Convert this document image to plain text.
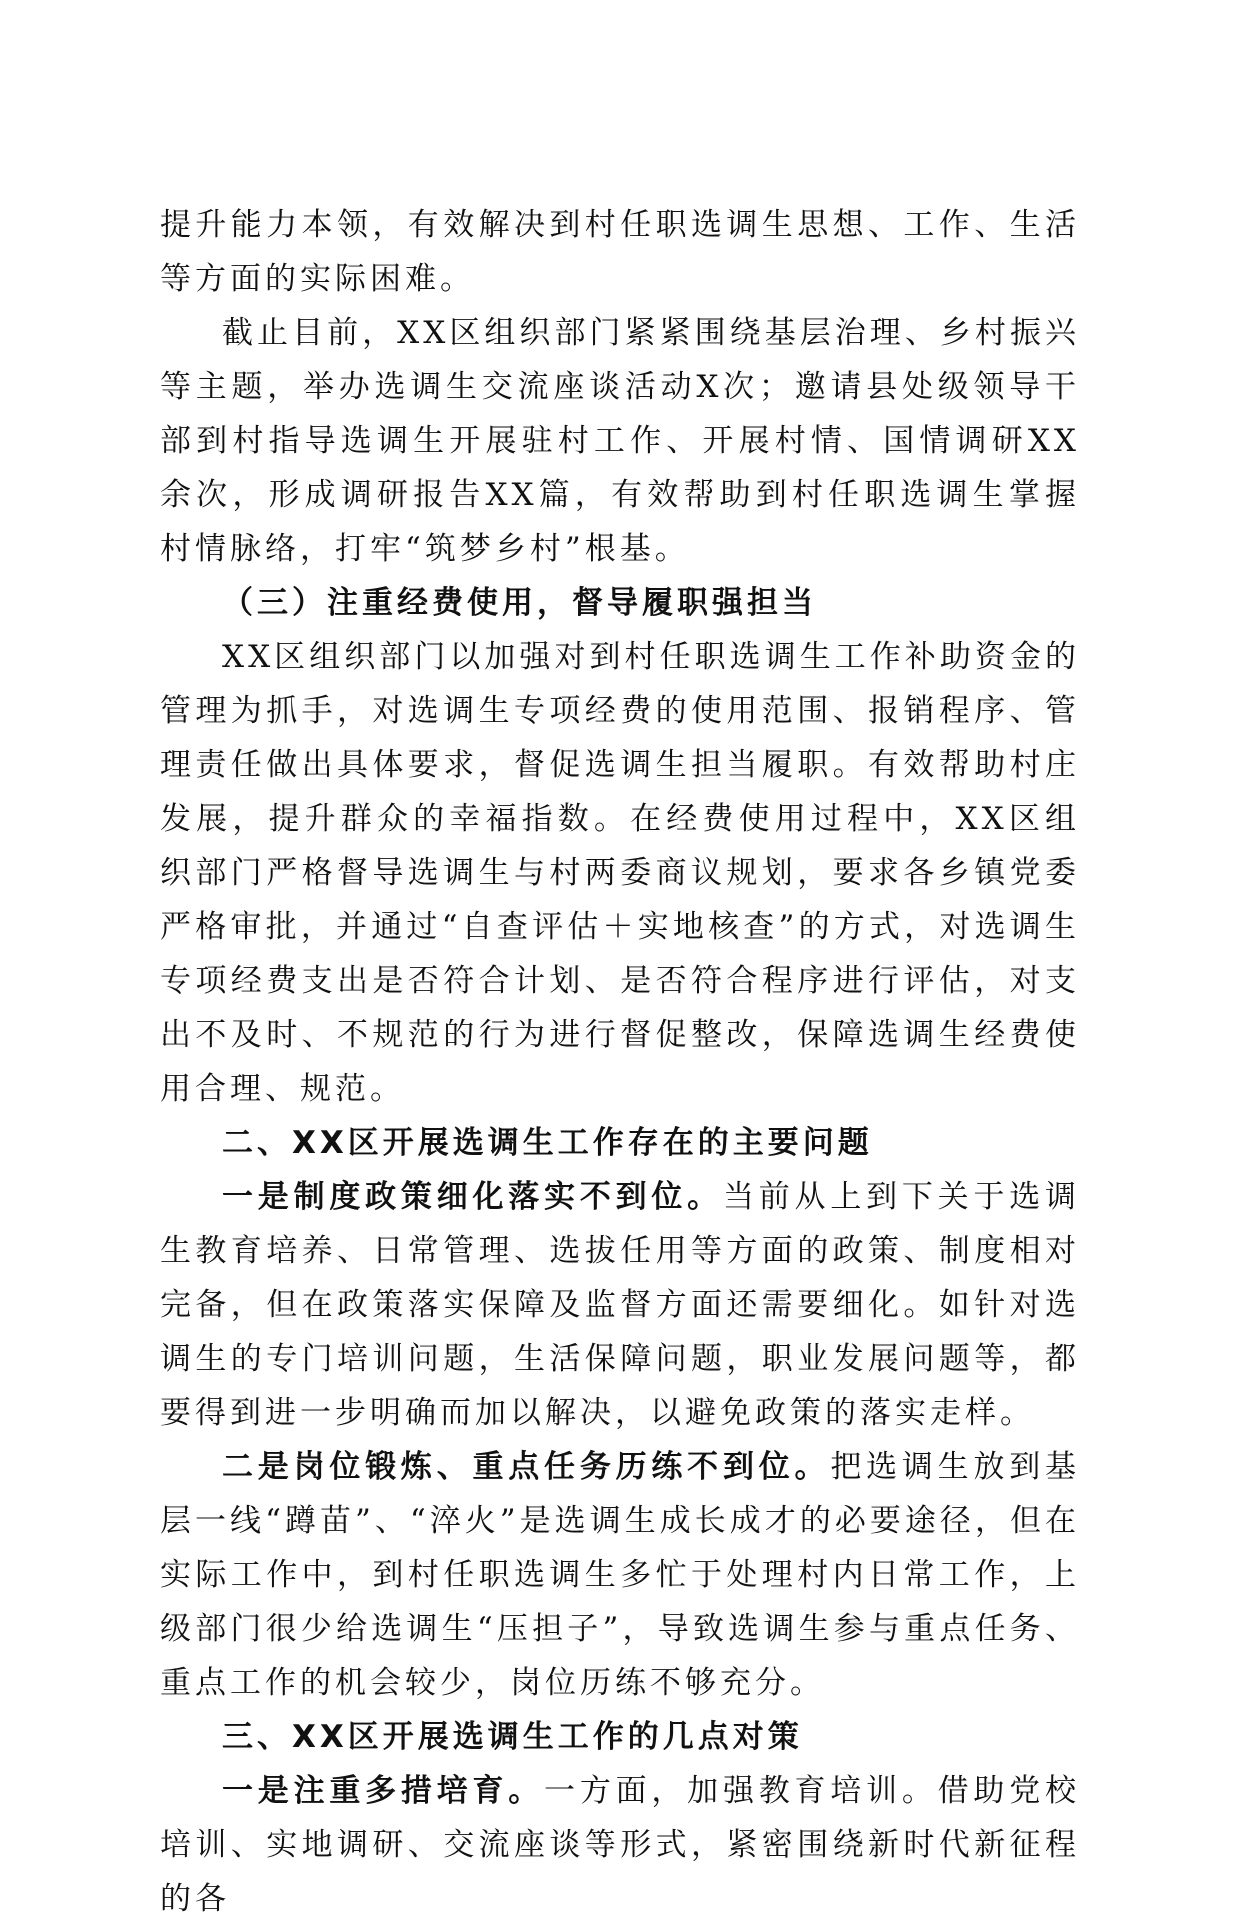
提升能力本领，有效解决到村任职选调生思想、工作、生活等方面的实际困难。

截止目前，XX区组织部门紧紧围绕基层治理、乡村振兴等主题，举办选调生交流座谈活动X次；邀请县处级领导干部到村指导选调生开展驻村工作、开展村情、国情调研XX余次，形成调研报告XX篇，有效帮助到村任职选调生掌握村情脉络，打牢“筑梦乡村”根基。

（三）注重经费使用，督导履职强担当

XX区组织部门以加强对到村任职选调生工作补助资金的管理为抓手，对选调生专项经费的使用范围、报销程序、管理责任做出具体要求，督促选调生担当履职。有效帮助村庄发展，提升群众的幸福指数。在经费使用过程中，XX区组织部门严格督导选调生与村两委商议规划，要求各乡镇党委严格审批，并通过“自查评估＋实地核查”的方式，对选调生专项经费支出是否符合计划、是否符合程序进行评估，对支出不及时、不规范的行为进行督促整改，保障选调生经费使用合理、规范。

二、XX区开展选调生工作存在的主要问题

一是制度政策细化落实不到位。当前从上到下关于选调生教育培养、日常管理、选拔任用等方面的政策、制度相对完备，但在政策落实保障及监督方面还需要细化。如针对选调生的专门培训问题，生活保障问题，职业发展问题等，都要得到进一步明确而加以解决，以避免政策的落实走样。

二是岗位锻炼、重点任务历练不到位。把选调生放到基层一线“蹲苗”、“淬火”是选调生成长成才的必要途径，但在实际工作中，到村任职选调生多忙于处理村内日常工作，上级部门很少给选调生“压担子”，导致选调生参与重点任务、重点工作的机会较少，岗位历练不够充分。

三、XX区开展选调生工作的几点对策

一是注重多措培育。一方面，加强教育培训。借助党校培训、实地调研、交流座谈等形式，紧密围绕新时代新征程的各
